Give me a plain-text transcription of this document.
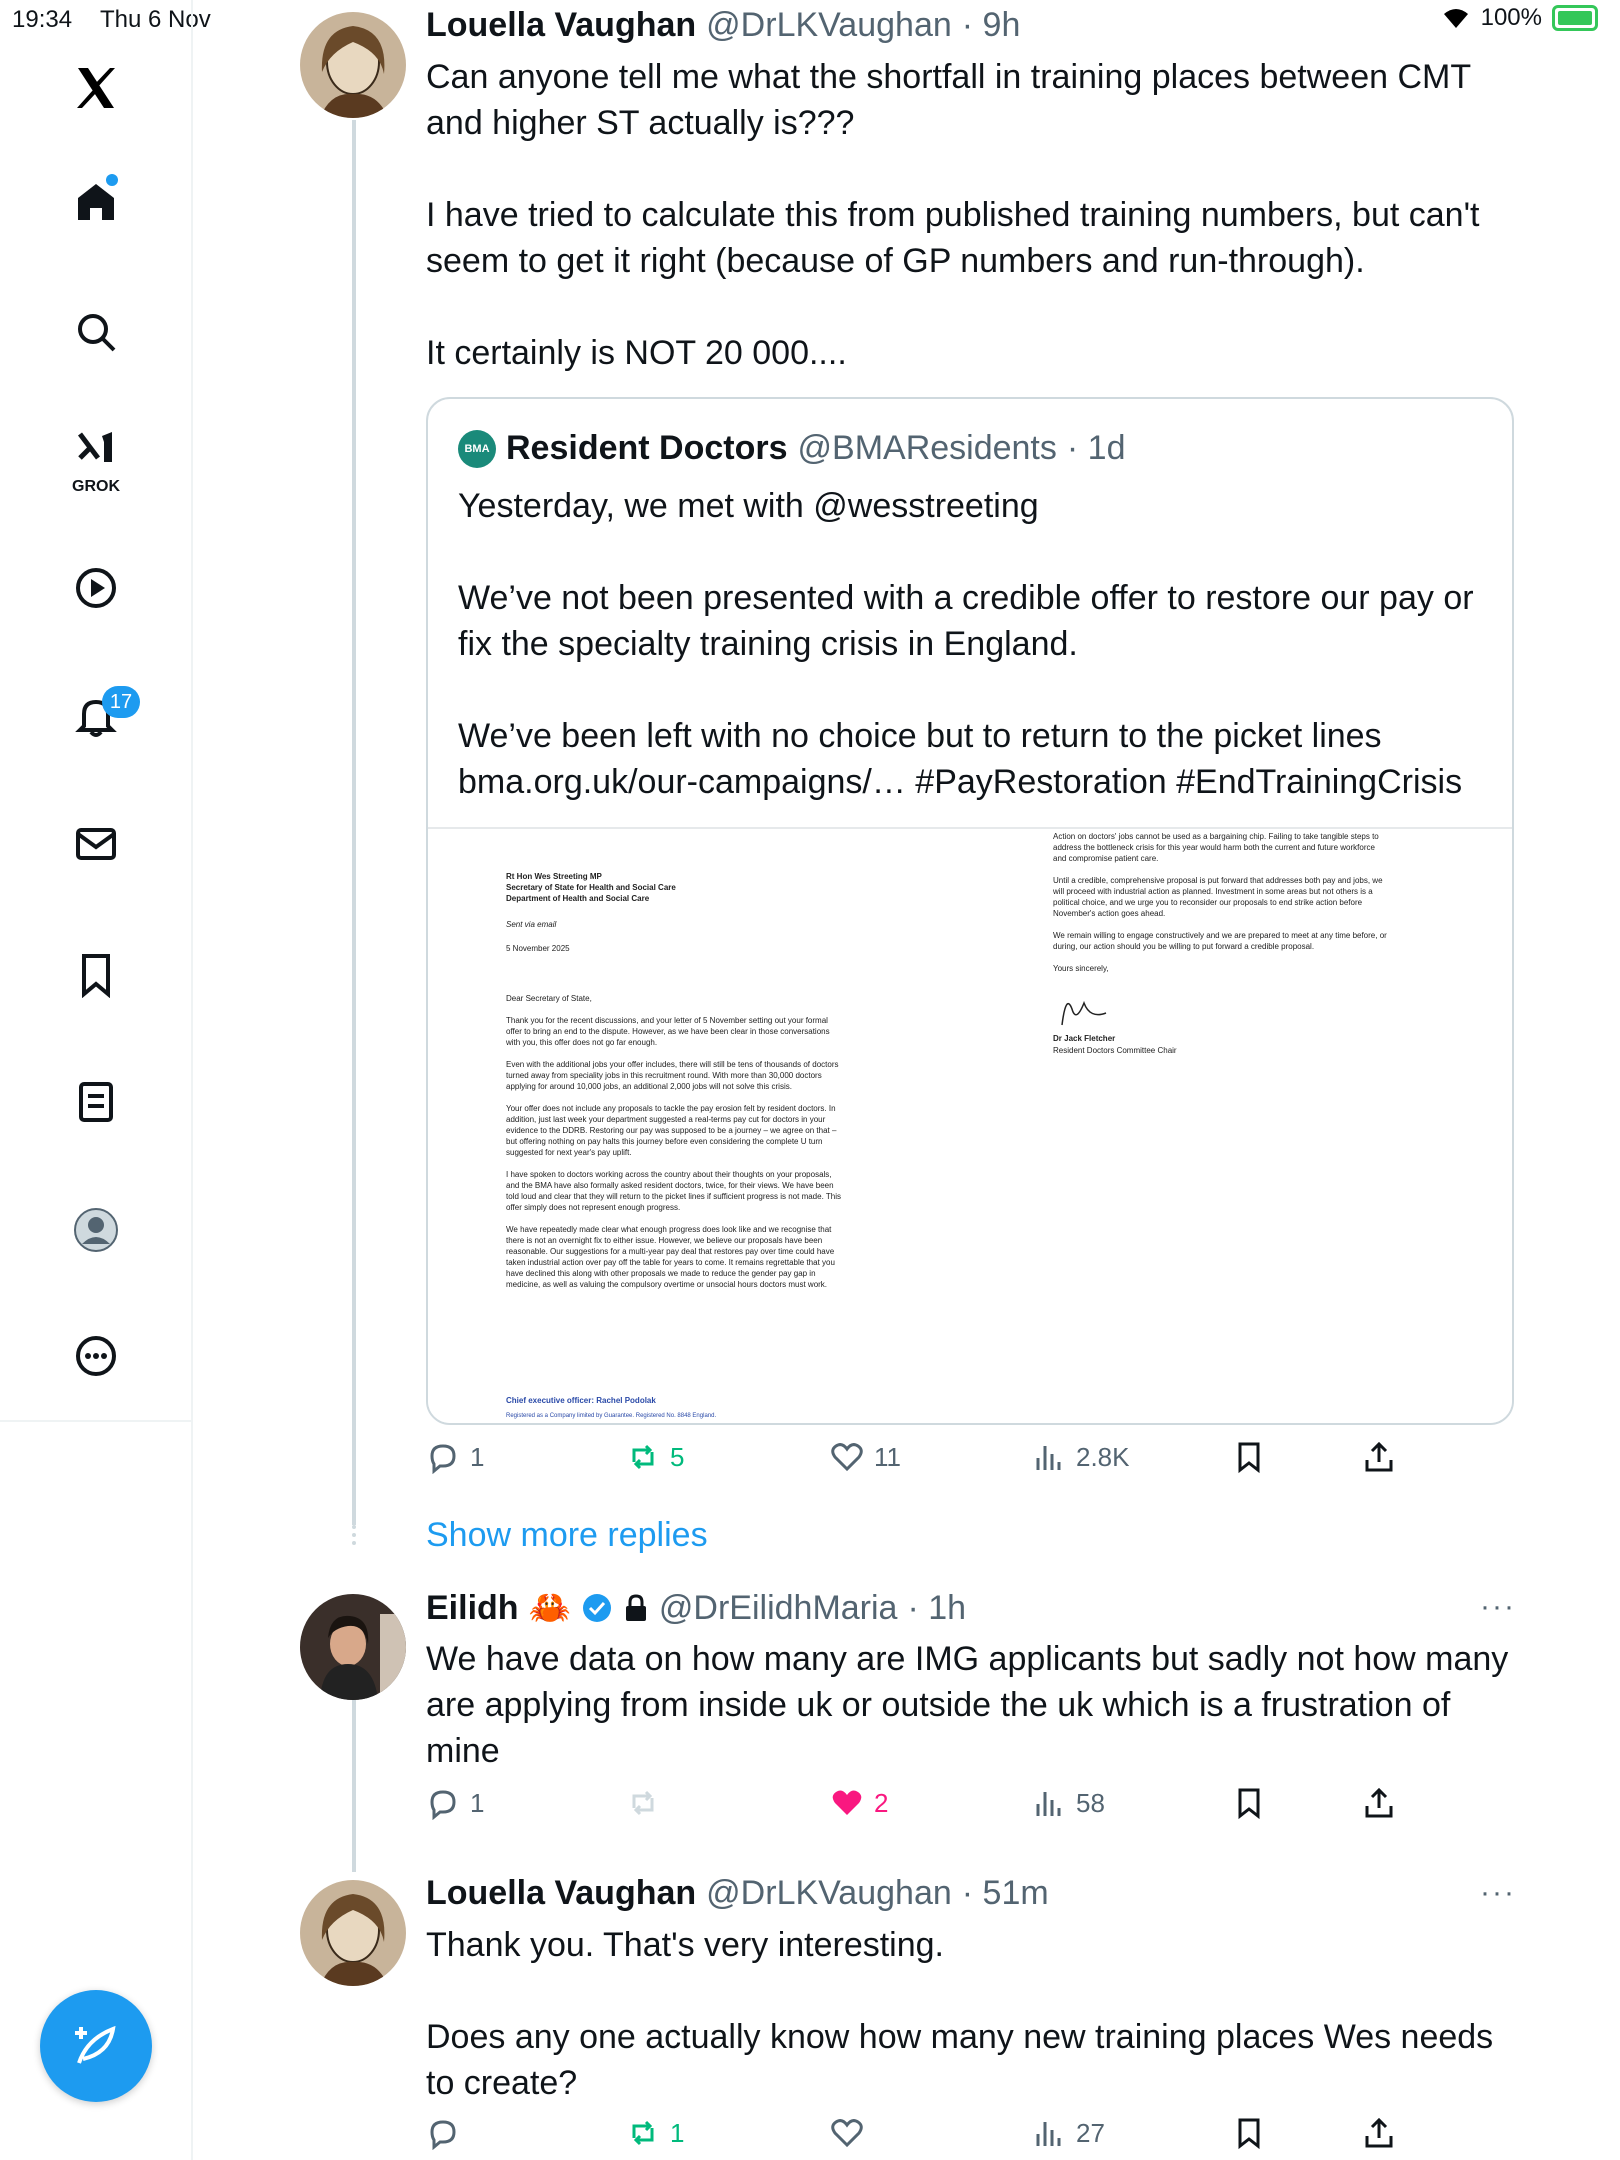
19:34 Thu 6 Nov	100%
GROK
17
Louella Vaughan @DrLKVaughan · 9h
Can anyone tell me what the shortfall in training places between CMT and higher ST actually is???

I have tried to calculate this from published training numbers, but can't seem to get it right (because of GP numbers and run-through).

It certainly is NOT 20 000....
BMA Resident Doctors @BMAResidents · 1d
Yesterday, we met with @wesstreeting

We’ve not been presented with a credible offer to restore our pay or fix the specialty training crisis in England.

We’ve been left with no choice but to return to the picket lines bma.org.uk/our-campaigns/… #PayRestoration #EndTrainingCrisis
Rt Hon Wes Streeting MP
Secretary of State for Health and Social Care
Department of Health and Social Care
Sent via email
5 November 2025
Dear Secretary of State,

Thank you for the recent discussions, and your letter of 5 November setting out your formal
offer to bring an end to the dispute. However, as we have been clear in those conversations
with you, this offer does not go far enough.

Even with the additional jobs your offer includes, there will still be tens of thousands of doctors
turned away from speciality jobs in this recruitment round. With more than 30,000 doctors
applying for around 10,000 jobs, an additional 2,000 jobs will not solve this crisis.

Your offer does not include any proposals to tackle the pay erosion felt by resident doctors. In
addition, just last week your department suggested a real-terms pay cut for doctors in your
evidence to the DDRB. Restoring our pay was supposed to be a journey – we agree on that –
but offering nothing on pay halts this journey before even considering the complete U turn
suggested for next year's pay uplift.

I have spoken to doctors working across the country about their thoughts on your proposals,
and the BMA have also formally asked resident doctors, twice, for their views. We have been
told loud and clear that they will return to the picket lines if sufficient progress is not made. This
offer simply does not represent enough progress.

We have repeatedly made clear what enough progress does look like and we recognise that
there is not an overnight fix to either issue. However, we believe our proposals have been
reasonable. Our suggestions for a multi-year pay deal that restores pay over time could have
taken industrial action over pay off the table for years to come. It remains regrettable that you
have declined this along with other proposals we made to reduce the gender pay gap in
medicine, as well as valuing the compulsory overtime or unsocial hours doctors must work.
Chief executive officer: Rachel Podolak
Registered as a Company limited by Guarantee. Registered No. 8848 England.
Action on doctors' jobs cannot be used as a bargaining chip. Failing to take tangible steps to
address the bottleneck crisis for this year would harm both the current and future workforce
and compromise patient care.

Until a credible, comprehensive proposal is put forward that addresses both pay and jobs, we
will proceed with industrial action as planned. Investment in some areas but not others is a
political choice, and we urge you to reconsider our proposals to end strike action before
November's action goes ahead.

We remain willing to engage constructively and we are prepared to meet at any time before, or
during, our action should you be willing to put forward a credible proposal.

Yours sincerely,
Dr Jack Fletcher
Resident Doctors Committee Chair
1	5	11	2.8K
Show more replies
Eilidh 🦀	@DrEilidhMaria · 1h	···
We have data on how many are IMG applicants but sadly not how many are applying from inside uk or outside the uk which is a frustration of mine
1	2	58
Louella Vaughan @DrLKVaughan · 51m	···
Thank you. That's very interesting.

Does any one actually know how many new training places Wes needs to create?
1	27
